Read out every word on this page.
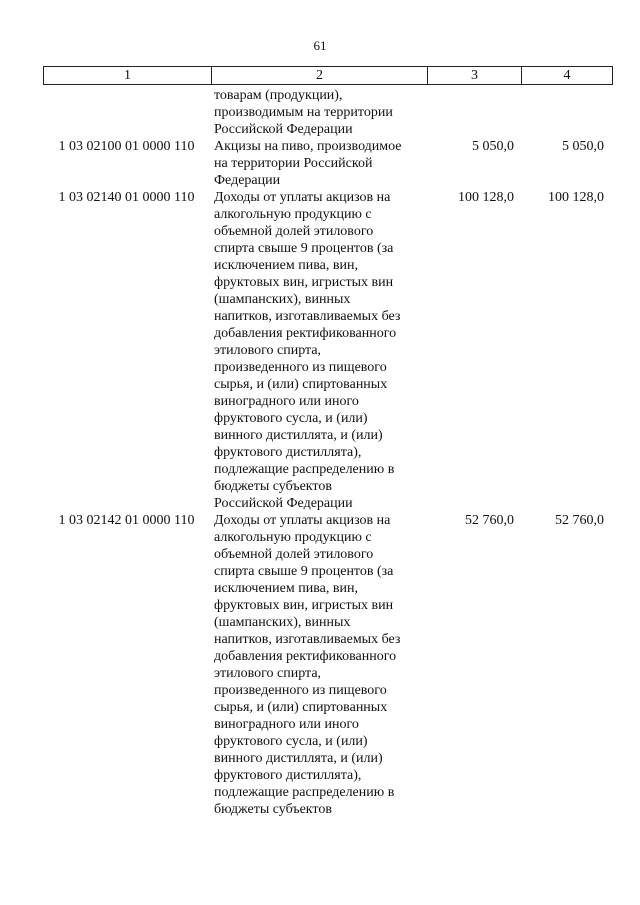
61
1	2	3	4
товарам (продукции),
производимым на территории
Российской Федерации
1 03 02100 01 0000 110	Акцизы на пиво, производимое
на территории Российской
Федерации
5 050,0	5 050,0
1 03 02140 01 0000 110	Доходы от уплаты акцизов на
алкогольную продукцию с
объемной долей этилового
спирта свыше 9 процентов (за
исключением пива, вин,
фруктовых вин, игристых вин
(шампанских), винных
напитков, изготавливаемых без
добавления ректификованного
этилового спирта,
произведенного из пищевого
сырья, и (или) спиртованных
виноградного или иного
фруктового сусла, и (или)
винного дистиллята, и (или)
фруктового дистиллята),
подлежащие распределению в
бюджеты субъектов
Российской Федерации
100 128,0	100 128,0
1 03 02142 01 0000 110	Доходы от уплаты акцизов на
алкогольную продукцию с
объемной долей этилового
спирта свыше 9 процентов (за
исключением пива, вин,
фруктовых вин, игристых вин
(шампанских), винных
напитков, изготавливаемых без
добавления ректификованного
этилового спирта,
произведенного из пищевого
сырья, и (или) спиртованных
виноградного или иного
фруктового сусла, и (или)
винного дистиллята, и (или)
фруктового дистиллята),
подлежащие распределению в
бюджеты субъектов
52 760,0	52 760,0
